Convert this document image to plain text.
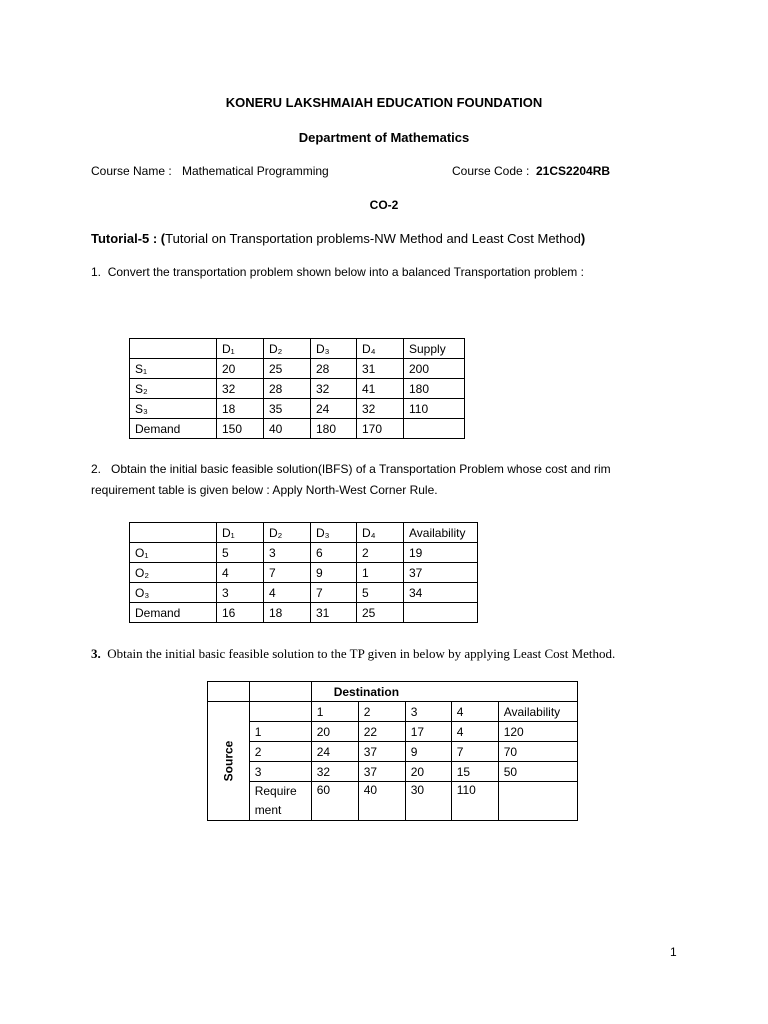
KONERU LAKSHMAIAH EDUCATION FOUNDATION
Department of Mathematics
Course Name : Mathematical Programming	Course Code : 21CS2204RB
CO-2
Tutorial-5 : (Tutorial on Transportation problems-NW Method and Least Cost Method)
1. Convert the transportation problem shown below into a balanced Transportation problem :
	D₁	D₂	D₃	D₄	Supply
S₁	20	25	28	31	200
S₂	32	28	32	41	180
S₃	18	35	24	32	110
Demand	150	40	180	170	
2. Obtain the initial basic feasible solution(IBFS) of a Transportation Problem whose cost and rim
requirement table is given below : Apply North-West Corner Rule.
	D₁	D₂	D₃	D₄	Availability
O₁	5	3	6	2	19
O₂	4	7	9	1	37
O₃	3	4	7	5	34
Demand	16	18	31	25	
3. Obtain the initial basic feasible solution to the TP given in below by applying Least Cost Method.
		Destination				
Source		1	2	3	4	Availability
	1	20	22	17	4	120
	2	24	37	9	7	70
	3	32	37	20	15	50

	Require
ment	60	40	30	110	
1
